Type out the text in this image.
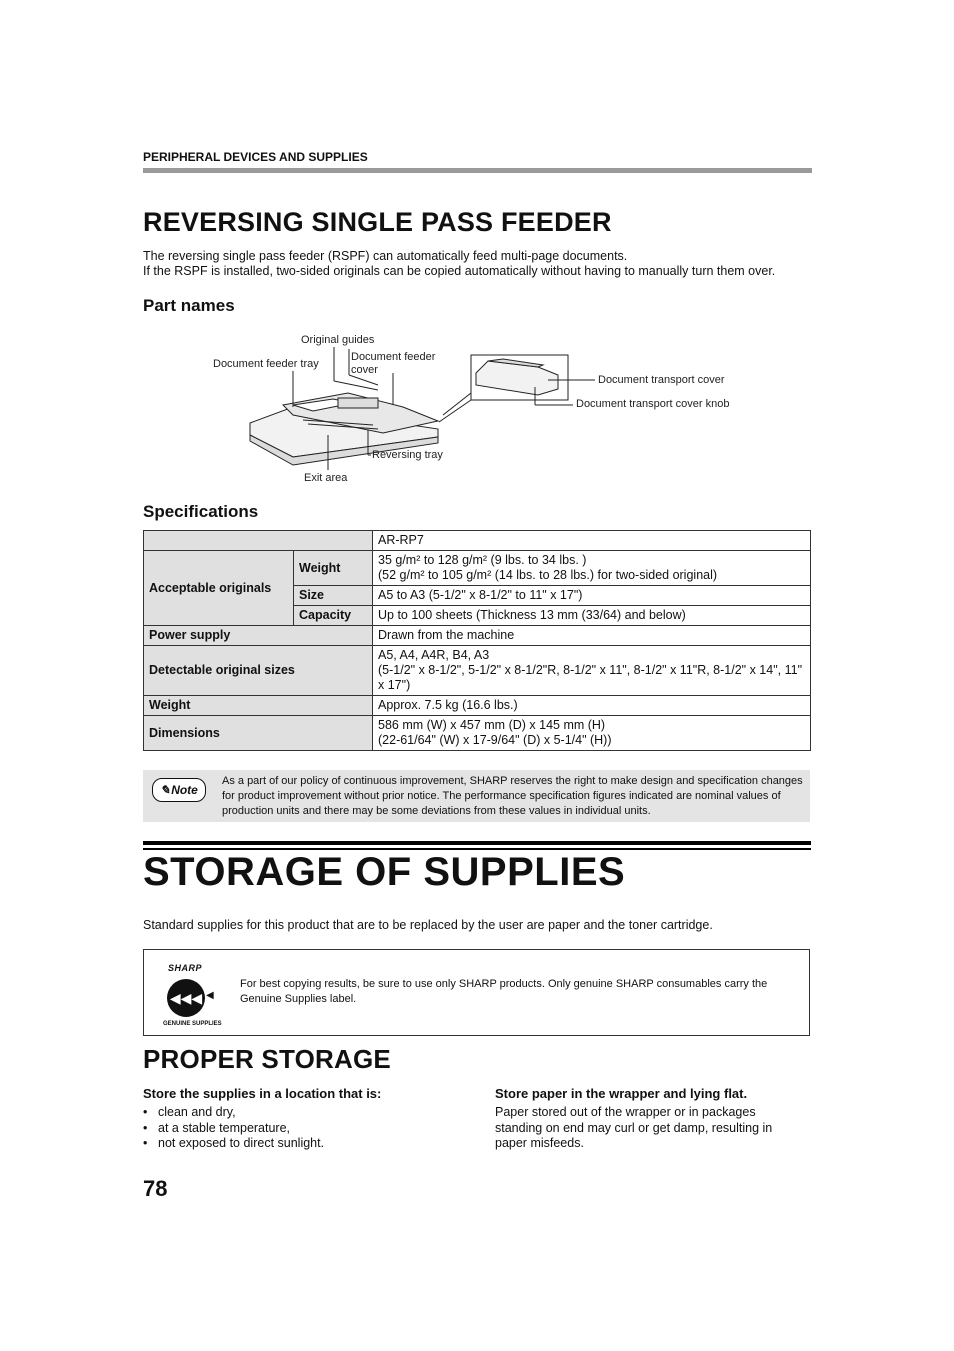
PERIPHERAL DEVICES AND SUPPLIES
REVERSING SINGLE PASS FEEDER
The reversing single pass feeder (RSPF) can automatically feed multi-page documents.
If the RSPF is installed, two-sided originals can be copied automatically without having to manually turn them over.
Part names
Original guides
Document feeder tray
Document feeder
cover
Document transport cover
Document transport cover knob
Reversing tray
Exit area
Specifications
		AR-RP7
Acceptable originals	Weight	35 g/m² to 128 g/m² (9 lbs. to 34 lbs. )
(52 g/m² to 105 g/m² (14 lbs. to 28 lbs.) for two-sided original)

	Size	A5 to A3 (5-1/2" x 8-1/2" to 11" x 17")
	Capacity	Up to 100 sheets (Thickness 13 mm (33/64) and below)
Power supply		Drawn from the machine
Detectable original sizes		A5, A4, A4R, B4, A3
(5-1/2" x 8-1/2", 5-1/2" x 8-1/2"R, 8-1/2" x 11", 8-1/2" x 11"R, 8-1/2" x 14", 11" x 17")

Weight		Approx. 7.5 kg (16.6 lbs.)
Dimensions		586 mm (W) x 457 mm (D) x 145 mm (H)
(22-61/64" (W) x 17-9/64" (D) x 5-1/4" (H))
✎ Note
As a part of our policy of continuous improvement, SHARP reserves the right to make design and specification changes for product improvement without prior notice. The performance specification figures indicated are nominal values of production units and there may be some deviations from these values in individual units.
STORAGE OF SUPPLIES
Standard supplies for this product that are to be replaced by the user are paper and the toner cartridge.
SHARP
◀◀◀ ◀
GENUINE SUPPLIES
For best copying results, be sure to use only SHARP products. Only genuine SHARP consumables carry the Genuine Supplies label.
PROPER STORAGE
Store the supplies in a location that is:
• clean and dry,
• at a stable temperature,
• not exposed to direct sunlight.
Store paper in the wrapper and lying flat.
Paper stored out of the wrapper or in packages standing on end may curl or get damp, resulting in paper misfeeds.
78
